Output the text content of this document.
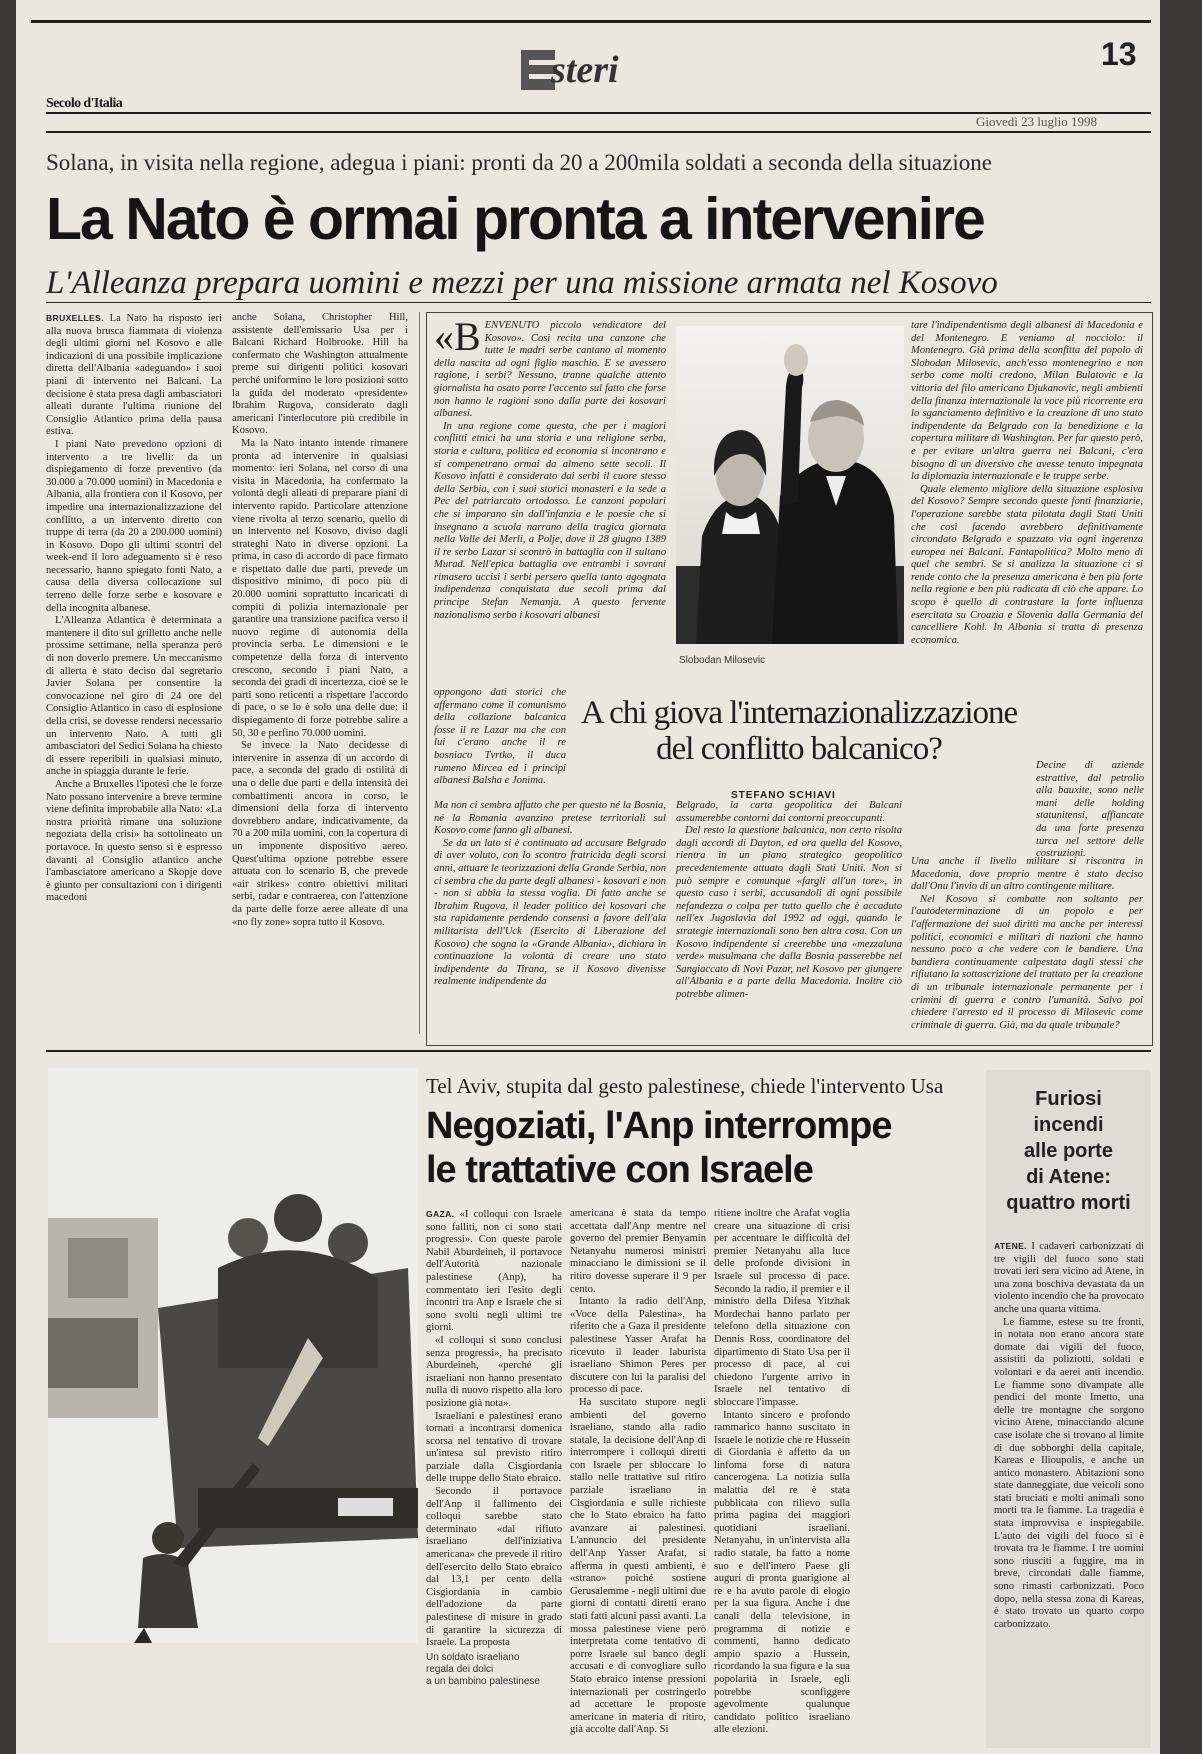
steri	13
Secolo d'Italia
Giovedì 23 luglio 1998
Solana, in visita nella regione, adegua i piani: pronti da 20 a 200mila soldati a seconda della situazione
La Nato è ormai pronta a intervenire
L'Alleanza prepara uomini e mezzi per una missione armata nel Kosovo

BRUXELLES. La Nato ha risposto ieri alla nuova brusca fiammata di violenza degli ultimi giorni nel Kosovo e alle indicazioni di una possibile implicazione diretta dell'Albania «adeguando» i suoi piani di intervento nei Balcani. La decisione è stata presa dagli ambasciatori alleati durante l'ultima riunione del Consiglio Atlantico prima della pausa estiva.

I piani Nato prevedono opzioni di intervento a tre livelli: da un dispiegamento di forze preventivo (da 30.000 a 70.000 uomini) in Macedonia e Albania, alla frontiera con il Kosovo, per impedire una internazionalizzazione del conflitto, a un intervento diretto con truppe di terra (da 20 a 200.000 uomini) in Kosovo. Dopo gli ultimi scontri del week-end il loro adeguamento si è reso necessario, hanno spiegato fonti Nato, a causa della diversa collocazione sul terreno delle forze serbe e kosovare e della incognita albanese.

L'Alleanza Atlantica è determinata a mantenere il dito sul grilletto anche nelle prossime settimane, nella speranza però di non doverlo premere. Un meccanismo di allerta è stato deciso dal segretario Javier Solana per consentire la convocazione nel giro di 24 ore del Consiglio Atlantico in caso di esplosione della crisi, se dovesse rendersi necessario un intervento Nato. A tutti gli ambasciatori del Sedici Solana ha chiesto di essere reperibili in qualsiasi minuto, anche in spiaggia durante le ferie.

Anche a Bruxelles l'ipotesi che le forze Nato possano intervenire a breve termine viene definita improbabile alla Nato: «La nostra priorità rimane una soluzione negoziata della crisi» ha sottolineato un portavoce. In questo senso si è espresso davanti al Consiglio atlantico anche l'ambasciatore americano a Skopje dove è giunto per consultazioni con i dirigenti macedoni

anche Solana, Christopher Hill, assistente dell'emissario Usa per i Balcani Richard Holbrooke. Hill ha confermato che Washington attualmente preme sui dirigenti politici kosovari perché uniformino le loro posizioni sotto la guida del moderato «presidente» Ibrahim Rugova, considerato dagli americani l'interlocutore più credibile in Kosovo.

Ma la Nato intanto intende rimanere pronta ad intervenire in qualsiasi momento: ieri Solana, nel corso di una visita in Macedonia, ha confermato la volontà degli alleati di preparare piani di intervento rapido. Particolare attenzione viene rivolta al terzo scenario, quello di un intervento nel Kosovo, diviso dagli strateghi Nato in diverse opzioni. La prima, in caso di accordo di pace firmato e rispettato dalle due parti, prevede un dispositivo minimo, di poco più di 20.000 uomini soprattutto incaricati di compiti di polizia internazionale per garantire una transizione pacifica verso il nuovo regime di autonomia della provincia serba. Le dimensioni e le competenze della forza di intervento crescono, secondo i piani Nato, a seconda dei gradi di incertezza, cioè se le parti sono reticenti a rispettare l'accordo di pace, o se lo è solo una delle due: il dispiegamento di forze potrebbe salire a 50, 30 e perfino 70.000 uomini.

Se invece la Nato decidesse di intervenire in assenza di un accordo di pace, a seconda del grado di ostilità di una o delle due parti e della intensità dei combattimenti ancora in corso, le dimensioni della forza di intervento dovrebbero andare, indicativamente, da 70 a 200 mila uomini, con la copertura di un imponente dispositivo aereo. Quest'ultima opzione potrebbe essere attuata con lo scenario B, che prevede «air strikes» contro obiettivi militari serbi, radar e contraerea, con l'attenzione da parte delle forze aeree alleate di una «no fly zone» sopra tutto il Kosovo.

«BENVENUTO piccolo vendicatore del Kosovo». Così recita una canzone che tutte le madri serbe cantano al momento della nascita ad ogni figlio maschio. E se avessero ragione, i serbi? Nessuno, tranne qualche attento giornalista ha osato porre l'accento sul fatto che forse non hanno le ragioni sono dalla parte dei kosovari albanesi.

In una regione come questa, che per i magiori conflitti etnici ha una storia e una religione serba, storia e cultura, politica ed economia si incontrano e si compenetrano ormai da almeno sette secoli. Il Kosovo infatti è considerato dai serbi il cuore stesso della Serbia, con i suoi storici monasteri e la sede a Pec del patriarcato ortodosso. Le canzoni popolari che si imparano sin dall'infanzia e le poesie che si insegnano a scuola narrano della tragica giornata nella Valle dei Merli, a Polje, dove il 28 giugno 1389 il re serbo Lazar si scontrò in battaglia con il sultano Murad. Nell'epica battaglia ove entrambi i sovrani rimasero uccisi i serbi persero quella tanto agognata indipendenza conquistata due secoli prima dal principe Stefan Nemanja. A questo fervente nazionalismo serbo i kosovari albanesi

Slobodan Milosevic

tare l'indipendentismo degli albanesi di Macedonia e del Montenegro. E veniamo al nocciolo: il Montenegro. Già prima della sconfitta del popolo di Slobodan Milosevic, anch'esso montenegrino e non serbo come molti credono, Milan Bulatovic e la vittoria del filo americano Djukanovic, negli ambienti della finanza internazionale la voce più ricorrente era lo sganciamento definitivo e la creazione di uno stato indipendente da Belgrado con la benedizione e la copertura militare di Washington. Per far questo però, e per evitare un'altra guerra nei Balcani, c'era bisogno di un diversivo che avesse tenuto impegnata la diplomazia internazionale e le truppe serbe.

Quale elemento migliore della situazione esplosiva del Kosovo? Sempre secondo queste fonti finanziarie, l'operazione sarebbe stata pilotata dagli Stati Uniti che così facendo avrebbero definitivamente circondato Belgrado e spazzato via ogni ingerenza europea nei Balcani. Fantapolitica? Molto meno di quel che sembri. Se si analizza la situazione ci si rende conto che la presenza americana è ben più forte nella regione e ben più radicata di ciò che appare. Lo scopo è quello di contrastare la forte influenza esercitata su Croazia e Slovenia dalla Germania del cancelliere Kohl. In Albania si tratta di presenza economica.

oppongono dati storici che affermano come il comunismo della collazione balcanica fosse il re Lazar ma che con lui c'erano anche il re bosniaco Tvrtko, il duca rumeno Mircea ed i principi albanesi Balsha e Jonima.

A chi giova l'internazionalizzazione
del conflitto balcanico?
STEFANO SCHIAVI

Decine di aziende estrattive, dal petrolio alla bauxite, sono nelle mani delle holding statunitensi, affiancate da una forte presenza turca nel settore delle costruzioni.

Ma non ci sembra affatto che per questo né la Bosnia, né la Romania avanzino pretese territoriali sul Kosovo come fanno gli albanesi.

Se da un lato si è continuato ad accusare Belgrado di aver voluto, con lo scontro fratricida degli scorsi anni, attuare le teorizzazioni della Grande Serbia, non ci sembra che da parte degli albanesi - kosovari e non - non si abbia la stessa voglia. Di fatto anche se Ibrahim Rugova, il leader politico dei kosovari che sta rapidamente perdendo consensi a favore dell'ala militarista dell'Uck (Esercito di Liberazione del Kosovo) che sogna la «Grande Albania», dichiara in continuazione la volontà di creare uno stato indipendente da Tirana, se il Kosovo divenisse realmente indipendente da

Belgrado, la carta geopolitica dei Balcani assumerebbe contorni dai contorni preoccupanti.

Del resto la questione balcanica, non certo risolta dagli accordi di Dayton, ed ora quella del Kosovo, rientra in un piano strategico geopolitico precedentemente attuato dagli Stati Uniti. Non si può sempre e comunque «fargli all'un tore», in questo caso i serbi, accusandoli di ogni possibile nefandezza o colpa per tutto quello che è accaduto nell'ex Jugoslavia dal 1992 ad oggi, quando le strategie internazionali sono ben altra cosa. Con un Kosovo indipendente si creerebbe una «mezzaluna verde» musulmana che dalla Bosnia passerebbe nel Sangiaccato di Novi Pazar, nel Kosovo per giungere all'Albania e a parte della Macedonia. Inoltre ciò potrebbe alimen-

Una anche il livello militare si riscontra in Macedonia, dove proprio mentre è stato deciso dall'Onu l'invio di un altro contingente militare.

Nel Kosovo si combatte non soltanto per l'autodeterminazione di un popolo e per l'affermazione dei suoi diritti ma anche per interessi politici, economici e militari di nazioni che hanno nessuno poco a che vedere con le bandiere. Una bandiera continuamente calpestata dagli stessi che rifiutano la sottoscrizione del trattato per la creazione di un tribunale internazionale permanente per i crimini di guerra e contro l'umanità. Salvo poi chiedere l'arresto ed il processo di Milosevic come criminale di guerra. Già, ma da quale tribunale?

Un soldato israeliano
regala dei dolci
a un bambino palestinese
Tel Aviv, stupita dal gesto palestinese, chiede l'intervento Usa
Negoziati, l'Anp interrompe
le trattative con Israele

GAZA. «I colloqui con Israele sono falliti, non ci sono stati progressi». Con queste parole Nabil Aburdeineh, il portavoce dell'Autorità nazionale palestinese (Anp), ha commentato ieri l'esito degli incontri tra Anp e Israele che si sono svolti negli ultimi tre giorni.

«I colloqui si sono conclusi senza progressi», ha precisato Aburdeineh, «perché gli israeliani non hanno presentato nulla di nuovo rispetto alla loro posizione già nota».

Israeliani e palestinesi erano tornati a incontrarsi domenica scorsa nel tentativo di trovare un'intesa sul previsto ritiro parziale dalla Cisgiordania delle truppe dello Stato ebraico.

Secondo il portavoce dell'Anp il fallimento dei colloqui sarebbe stato determinato «dal rifiuto israeliano dell'iniziativa americana» che prevede il ritiro dell'esercito dello Stato ebraico dal 13,1 per cento della Cisgiordania in cambio dell'adozione da parte palestinese di misure in grado di garantire la sicurezza di Israele. La proposta

americana è stata da tempo accettata dall'Anp mentre nel governo del premier Benyamin Netanyahu numerosi ministri minacciano le dimissioni se il ritiro dovesse superare il 9 per cento.

Intanto la radio dell'Anp, «Voce della Palestina», ha riferito che a Gaza il presidente palestinese Yasser Arafat ha ricevuto il leader laburista israeliano Shimon Peres per discutere con lui la paralisi del processo di pace.

Ha suscitato stupore negli ambienti del governo israeliano, stando alla radio statale, la decisione dell'Anp di interrompere i colloqui diretti con Israele per sbloccare lo stallo nelle trattative sul ritiro parziale israeliano in Cisgiordania e sulle richieste che lo Stato ebraico ha fatto avanzare ai palestinesi. L'annuncio del presidente dell'Anp Yasser Arafat, si afferma in questi ambienti, è «strano» poiché sostiene Gerusalemme - negli ultimi due giorni di contatti diretti erano stati fatti alcuni passi avanti. La mossa palestinese viene però interpretata come tentativo di porre Israele sul banco degli accusati e di convogliare sullo Stato ebraico intense pressioni internazionali per costringerlo ad accettare le proposte americane in materia di ritiro, già accolte dall'Anp. Si

ritiene inoltre che Arafat voglia creare una situazione di crisi per accentuare le difficoltà del premier Netanyahu alla luce delle profonde divisioni in Israele sul processo di pace. Secondo la radio, il premier e il ministro della Difesa Yitzhak Mordechai hanno parlato per telefono della situazione con Dennis Ross, coordinatore del dipartimento di Stato Usa per il processo di pace, al cui chiedono l'urgente arrivo in Israele nel tentativo di sbloccare l'impasse.

Intanto sincero e profondo rammarico hanno suscitato in Israele le notizie che re Hussein di Giordania è affetto da un linfoma forse di natura cancerogena. La notizia sulla malattia del re è stata pubblicata con rilievo sulla prima pagina dei maggiori quotidiani israeliani. Netanyahu, in un'intervista alla radio statale, ha fatto a nome suo e dell'intero Paese gli auguri di pronta guarigione al re e ha avuto parole di elogio per la sua figura. Anche i due canali della televisione, in programma di notizie e commenti, hanno dedicato ampio spazio a Hussein, ricordando la sua figura e la sua popolarità in Israele, egli potrebbe sconfiggere agevolmente qualunque candidato politico israeliano alle elezioni.

Furiosi
incendi
alle porte
di Atene:
quattro morti

ATENE. I cadaveri carbonizzati di tre vigili del fuoco sono stati trovati ieri sera vicino ad Atene, in una zona boschiva devastata da un violento incendio che ha provocato anche una quarta vittima.

Le fiamme, estese su tre fronti, in notata non erano ancora state domate dai vigili del fuoco, assistiti da poliziotti, soldati e volontari e da aerei anti incendio. Le fiamme sono divampate alle pendici del monte Imetto, una delle tre montagne che sorgono vicino Atene, minacciando alcune case isolate che si trovano al limite di due sobborghi della capitale, Kareas e Ilioupolis, e anche un antico monastero. Abitazioni sono state danneggiate, due veicoli sono stati bruciati e molti animali sono morti tra le fiamme. La tragedia è stata improvvisa e inspiegabile. L'auto dei vigili del fuoco si è trovata tra le fiamme. I tre uomini sono riusciti a fuggire, ma in breve, circondati dalle fiamme, sono rimasti carbonizzati. Poco dopo, nella stessa zona di Kareas, è stato trovato un quarto corpo carbonizzato.
